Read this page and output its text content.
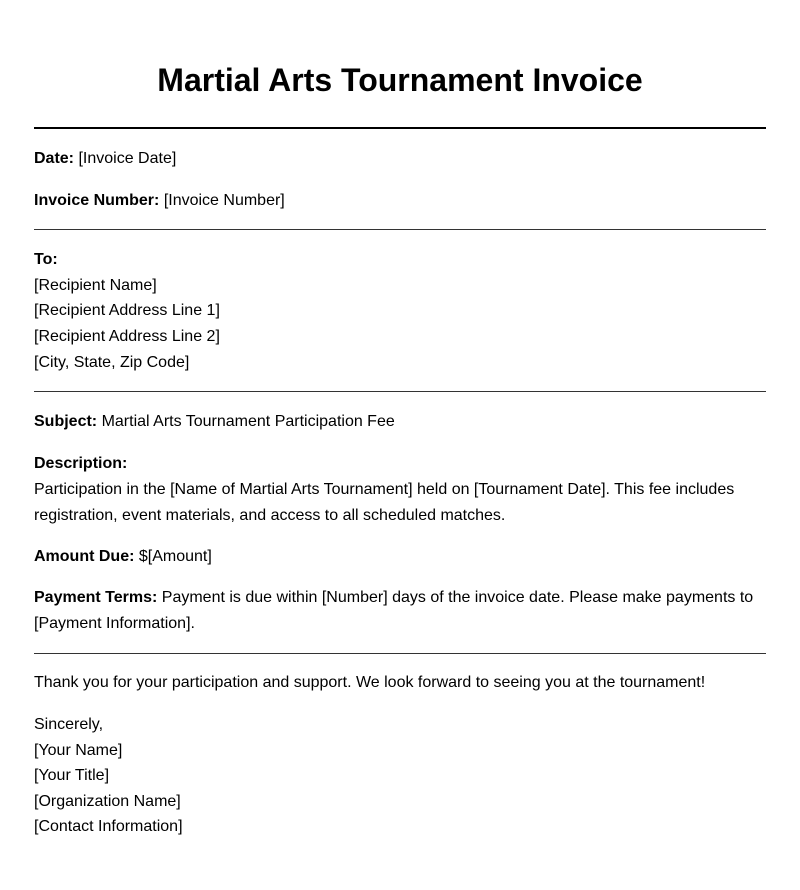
Martial Arts Tournament Invoice
Date: [Invoice Date]
Invoice Number: [Invoice Number]
To:
[Recipient Name]
[Recipient Address Line 1]
[Recipient Address Line 2]
[City, State, Zip Code]
Subject: Martial Arts Tournament Participation Fee
Description:
Participation in the [Name of Martial Arts Tournament] held on [Tournament Date]. This fee includes
registration, event materials, and access to all scheduled matches.
Amount Due: $[Amount]
Payment Terms: Payment is due within [Number] days of the invoice date. Please make payments to
[Payment Information].
Thank you for your participation and support. We look forward to seeing you at the tournament!
Sincerely,
[Your Name]
[Your Title]
[Organization Name]
[Contact Information]
